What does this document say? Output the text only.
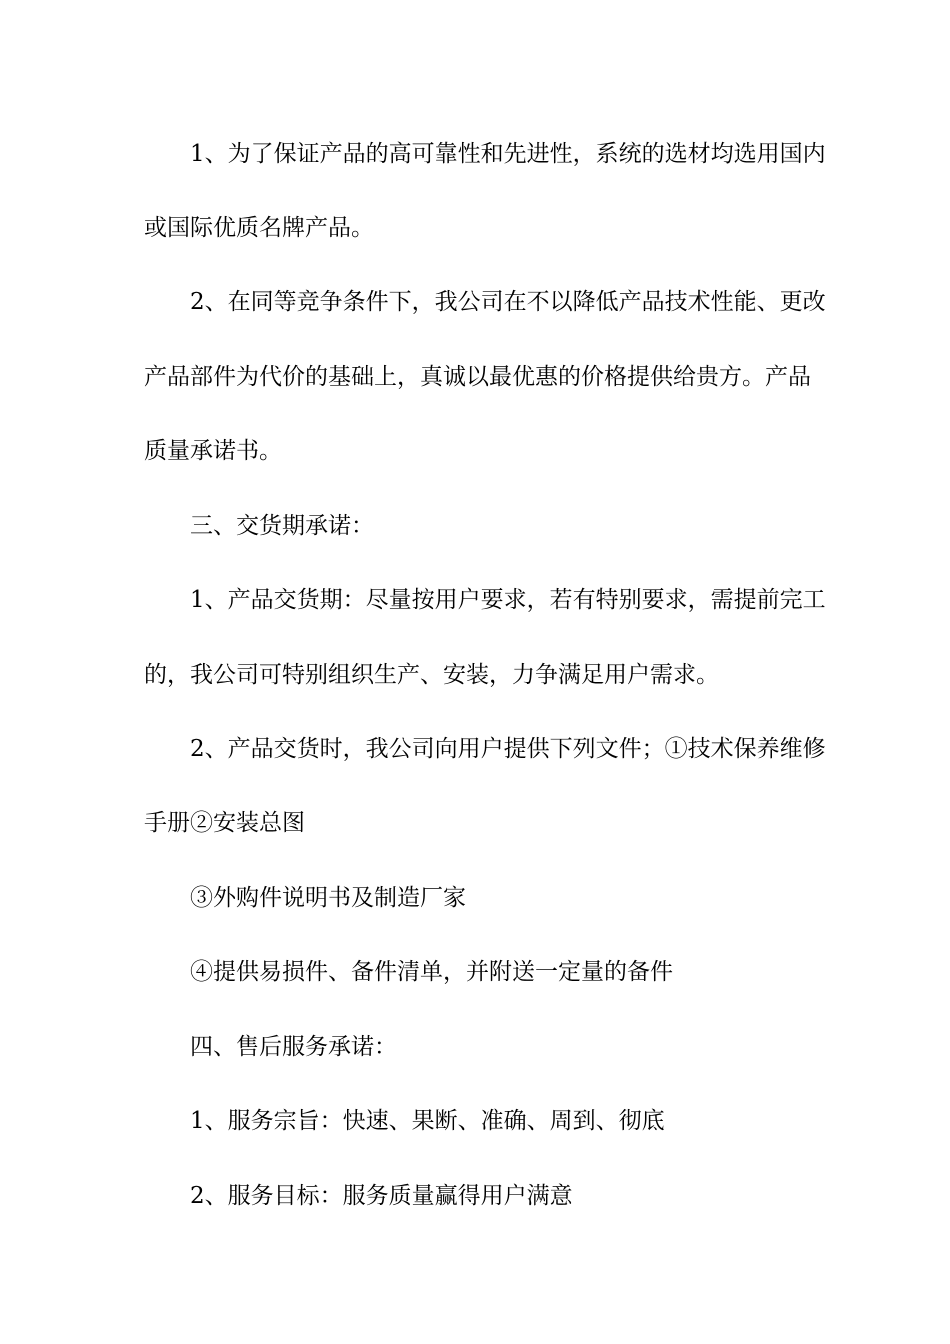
1、为了保证产品的高可靠性和先进性，系统的选材均选用国内
或国际优质名牌产品。
2、在同等竞争条件下，我公司在不以降低产品技术性能、更改
产品部件为代价的基础上，真诚以最优惠的价格提供给贵方。产品
质量承诺书。
三、交货期承诺：
1、产品交货期：尽量按用户要求，若有特别要求，需提前完工
的，我公司可特别组织生产、安装，力争满足用户需求。
2、产品交货时，我公司向用户提供下列文件；①技术保养维修
手册②安装总图
③外购件说明书及制造厂家
④提供易损件、备件清单，并附送一定量的备件
四、售后服务承诺：
1、服务宗旨：快速、果断、准确、周到、彻底
2、服务目标：服务质量赢得用户满意
